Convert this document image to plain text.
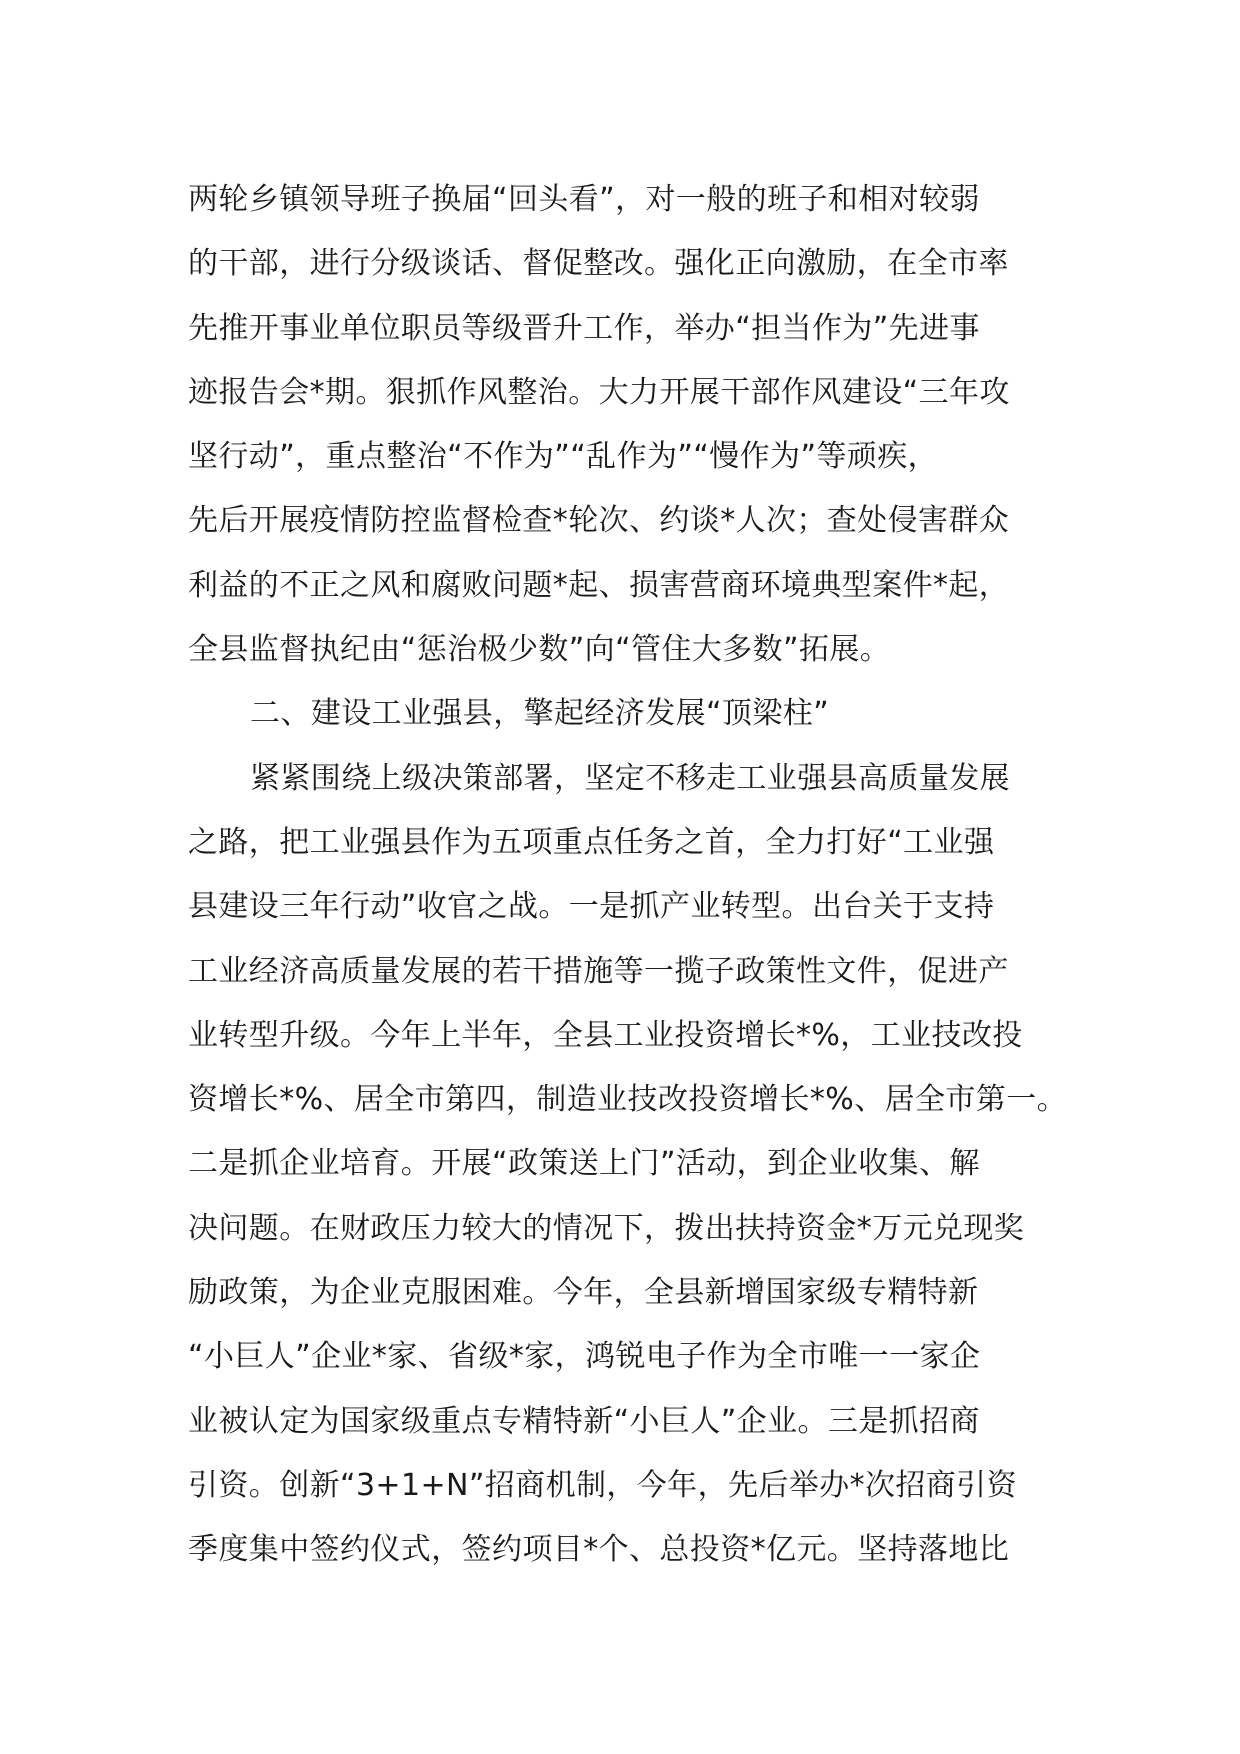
两轮乡镇领导班子换届“回头看”，对一般的班子和相对较弱
的干部，进行分级谈话、督促整改。强化正向激励，在全市率
先推开事业单位职员等级晋升工作，举办“担当作为”先进事
迹报告会*期。狠抓作风整治。大力开展干部作风建设“三年攻
坚行动”，重点整治“不作为”“乱作为”“慢作为”等顽疾，
先后开展疫情防控监督检查*轮次、约谈*人次；查处侵害群众
利益的不正之风和腐败问题*起、损害营商环境典型案件*起，
全县监督执纪由“惩治极少数”向“管住大多数”拓展。
二、建设工业强县，擎起经济发展“顶梁柱”
紧紧围绕上级决策部署，坚定不移走工业强县高质量发展
之路，把工业强县作为五项重点任务之首，全力打好“工业强
县建设三年行动”收官之战。一是抓产业转型。出台关于支持
工业经济高质量发展的若干措施等一揽子政策性文件，促进产
业转型升级。今年上半年，全县工业投资增长*%，工业技改投
资增长*%、居全市第四，制造业技改投资增长*%、居全市第一。
二是抓企业培育。开展“政策送上门”活动，到企业收集、解
决问题。在财政压力较大的情况下，拨出扶持资金*万元兑现奖
励政策，为企业克服困难。今年，全县新增国家级专精特新
“小巨人”企业*家、省级*家，鸿锐电子作为全市唯一一家企
业被认定为国家级重点专精特新“小巨人”企业。三是抓招商
引资。创新“3+1+N”招商机制，今年，先后举办*次招商引资
季度集中签约仪式，签约项目*个、总投资*亿元。坚持落地比
